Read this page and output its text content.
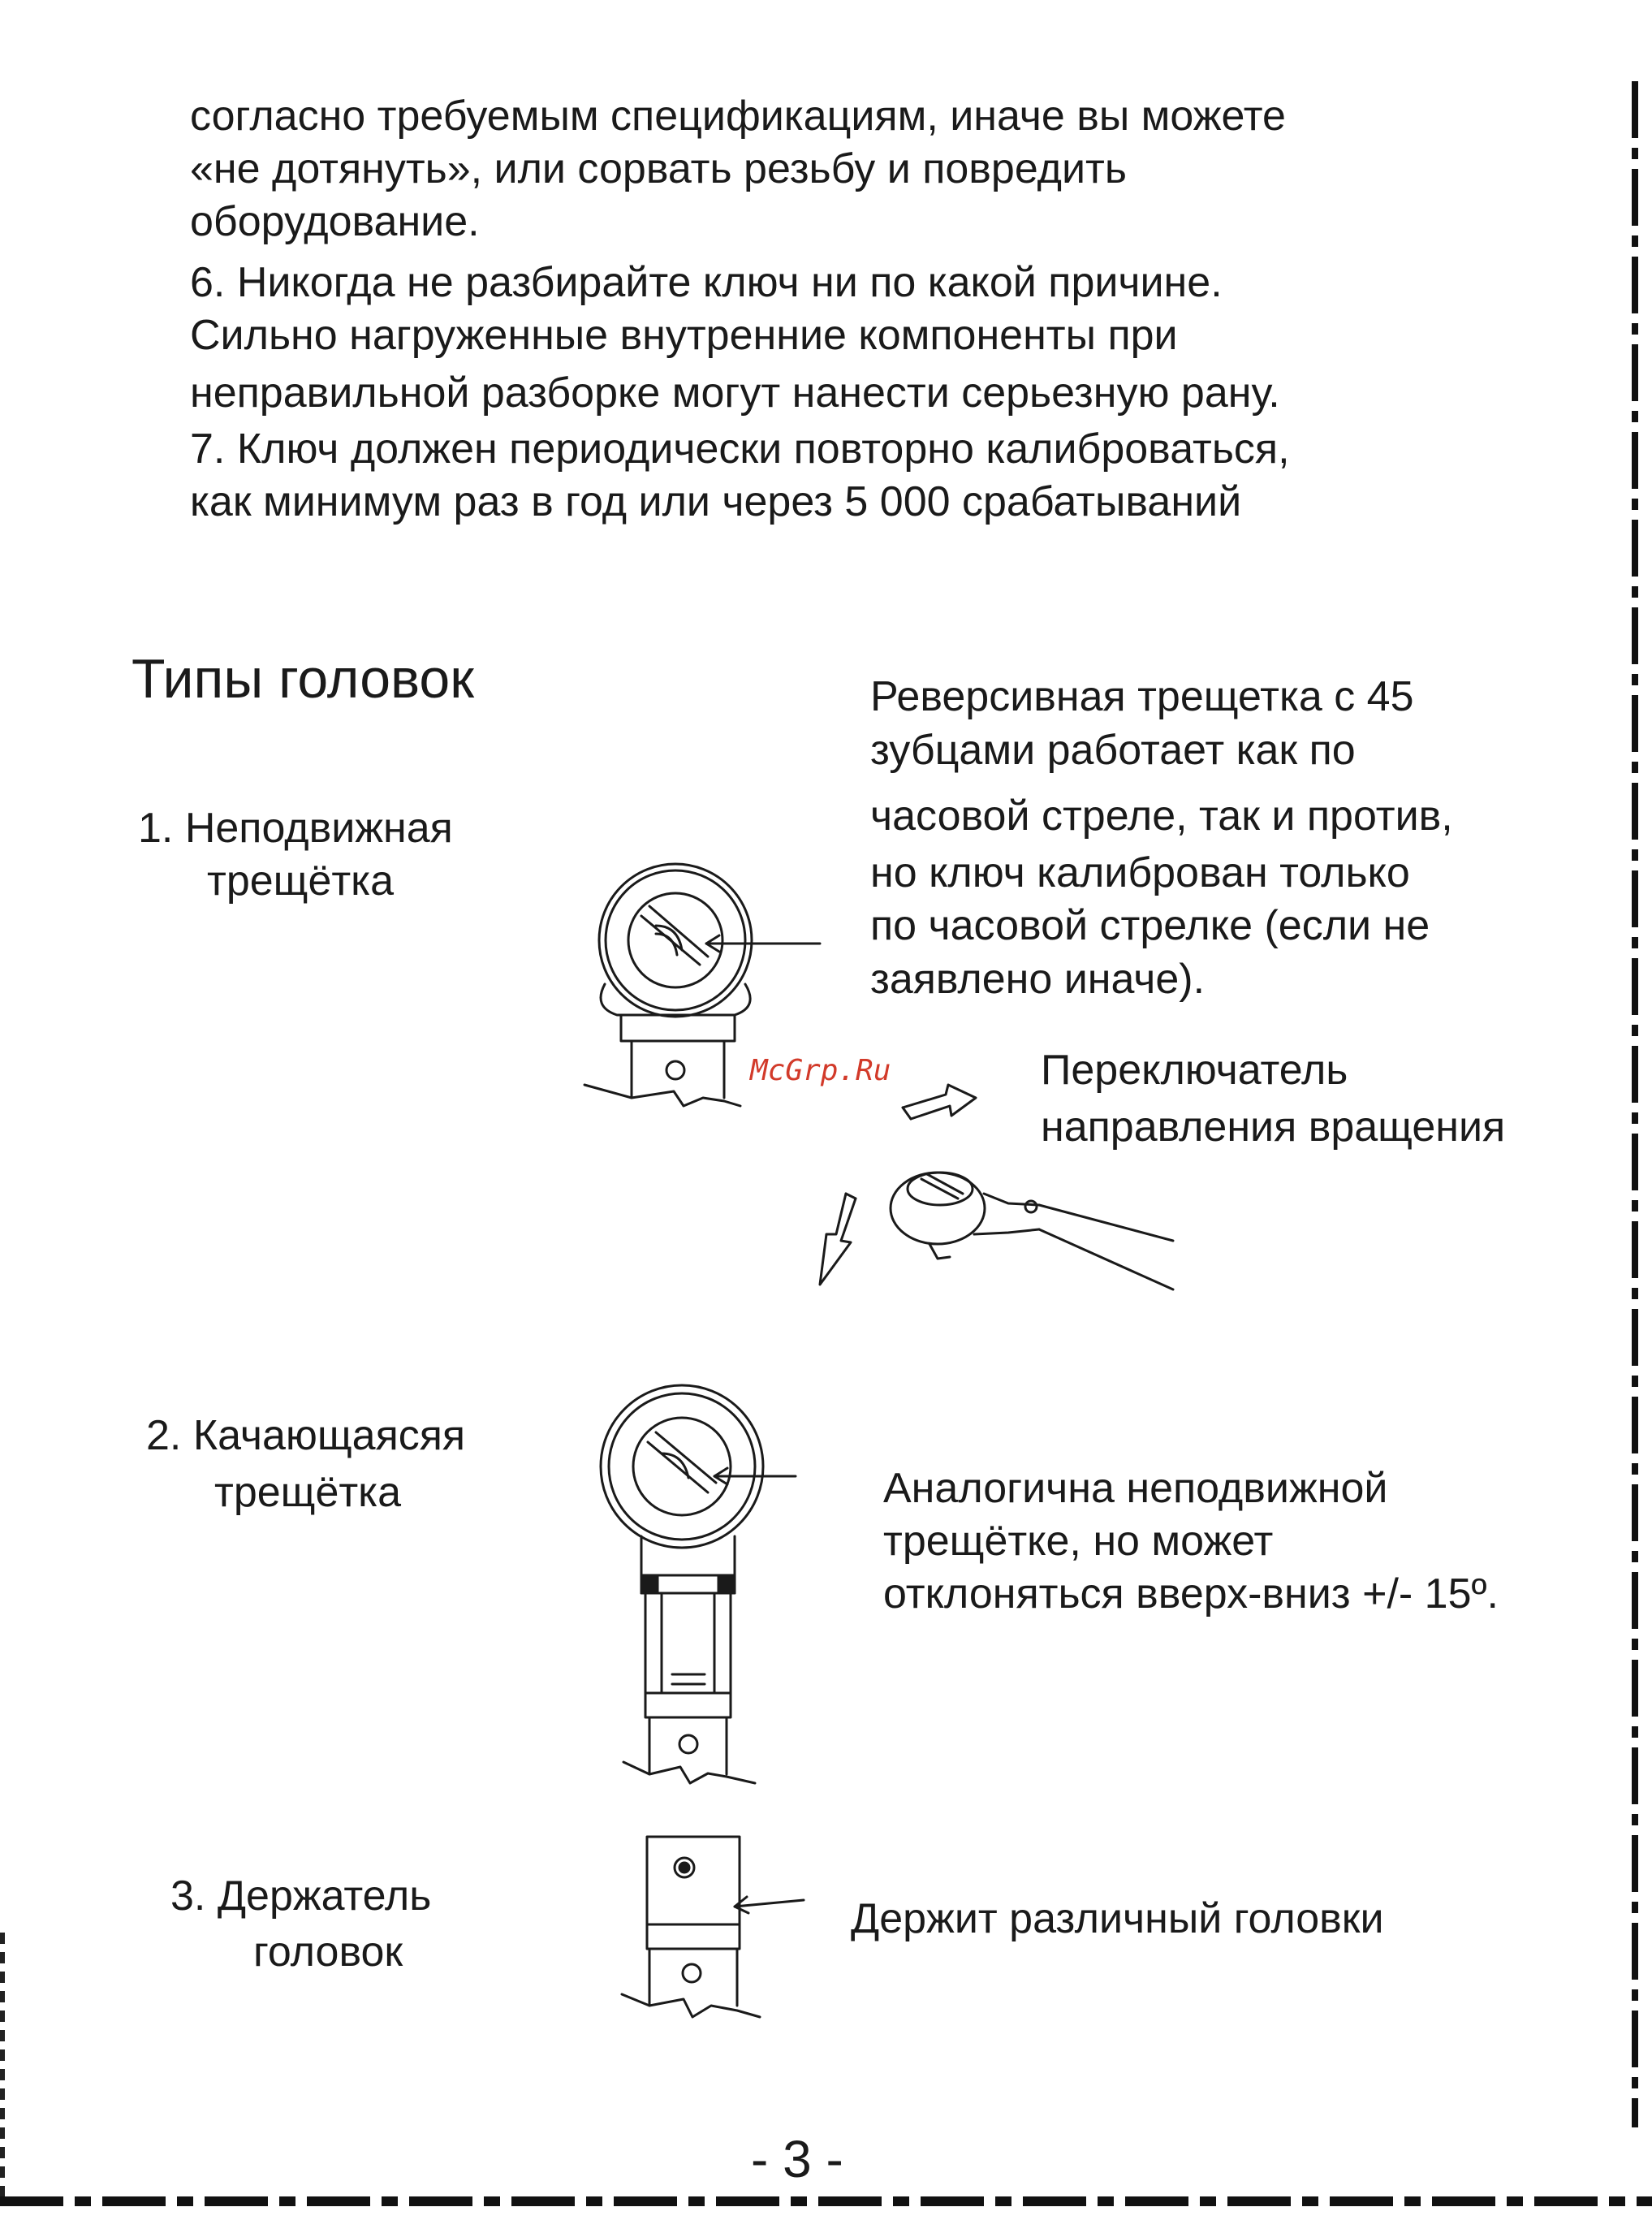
согласно требуемым спецификациям, иначе вы можете
«не дотянуть», или сорвать резьбу и повредить
оборудование.
6. Никогда не разбирайте ключ ни по какой причине.
Сильно нагруженные внутренние компоненты при
неправильной разборке могут нанести серьезную рану.
7. Ключ должен периодически повторно калиброваться,
как минимум раз в год или через 5 000 срабатываний
Типы головок
1. Неподвижная
трещётка
Реверсивная трещетка с 45
зубцами работает как по
часовой стреле, так и против,
но ключ калиброван только
по часовой стрелке (если не
заявлено иначе).
Переключатель
направления вращения
McGrp.Ru
2. Качающаясяя
трещётка	Аналогична неподвижной
трещётке, но может
отклоняться вверх-вниз +/- 15º.
3. Держатель
головок
Держит различный головки
- 3 -
